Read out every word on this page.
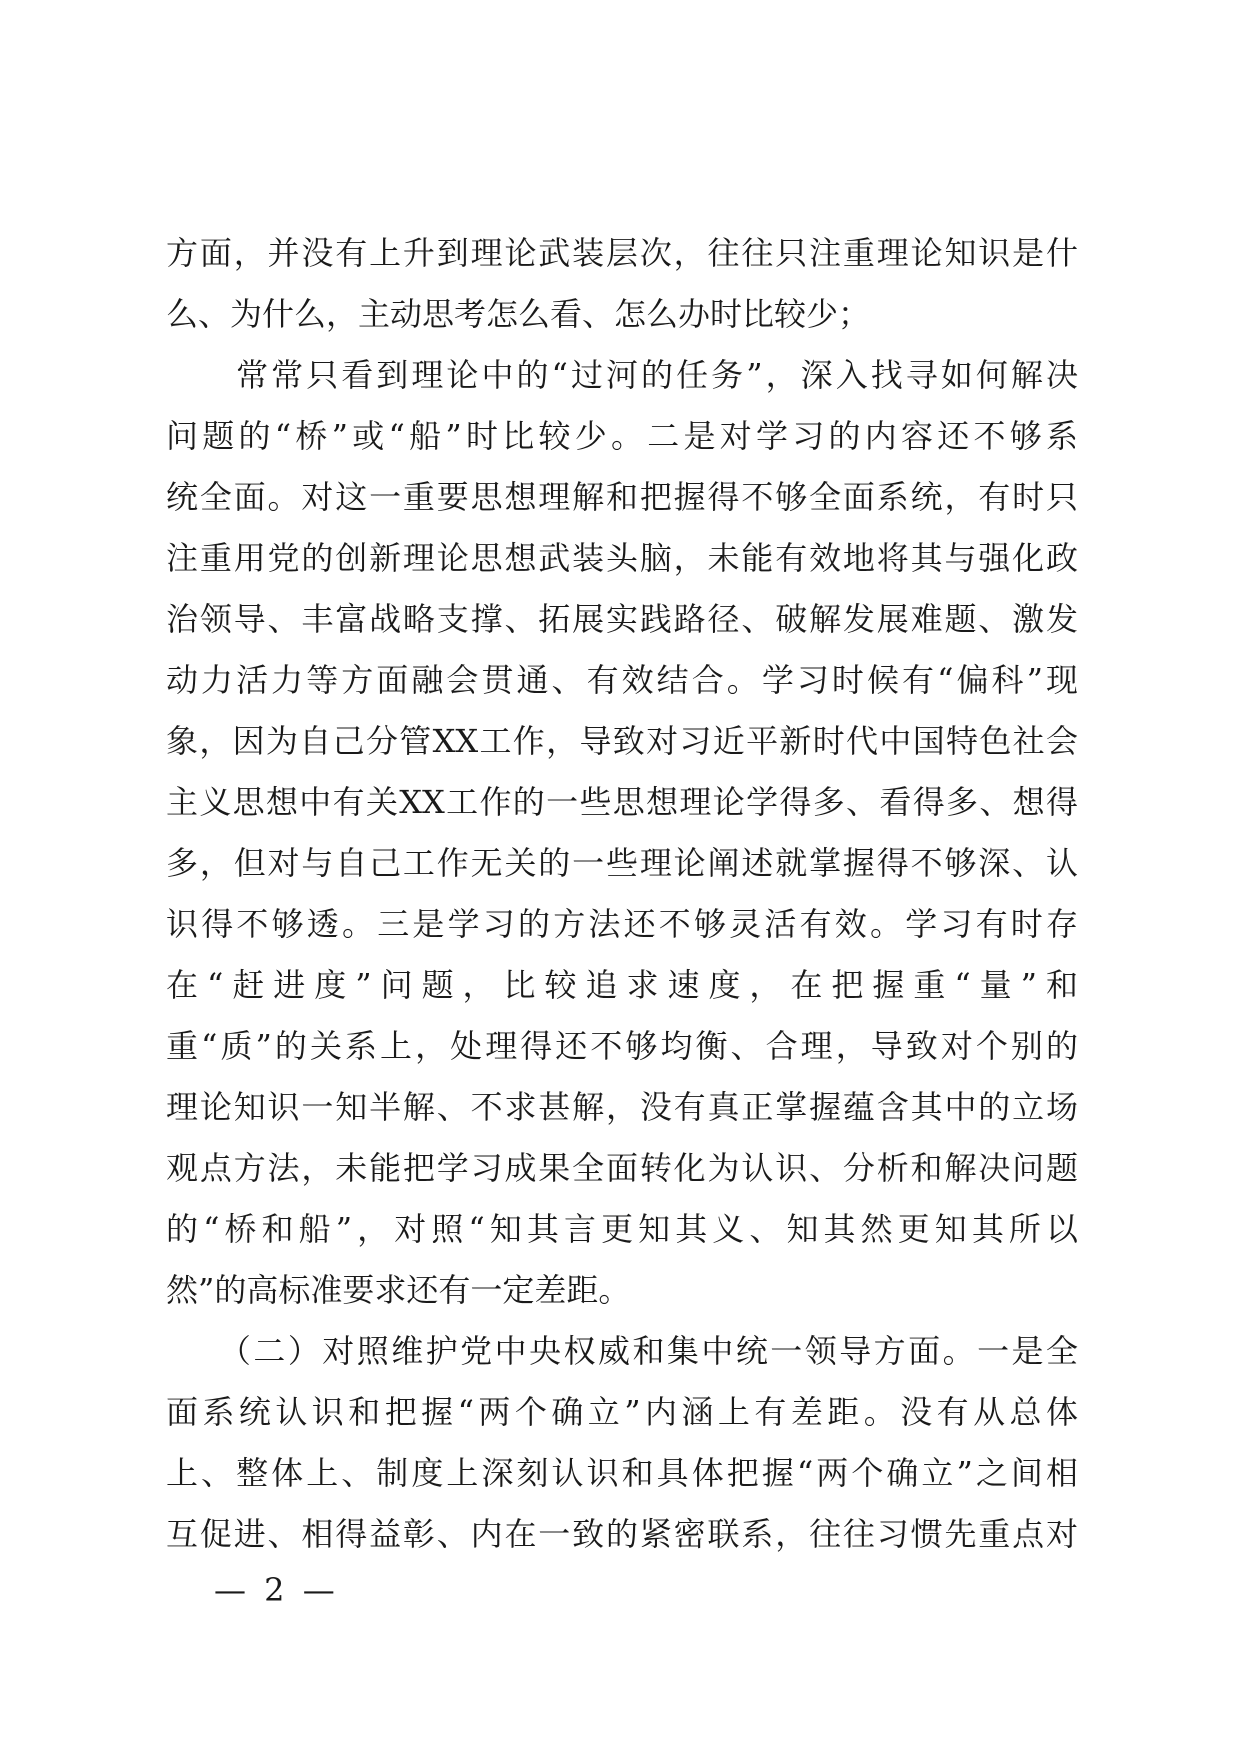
方面，并没有上升到理论武装层次，往往只注重理论知识是什
么、为什么，主动思考怎么看、怎么办时比较少；
　　常常只看到理论中的“过河的任务”，深入找寻如何解决
问题的“桥”或“船”时比较少。二是对学习的内容还不够系
统全面。对这一重要思想理解和把握得不够全面系统，有时只
注重用党的创新理论思想武装头脑，未能有效地将其与强化政
治领导、丰富战略支撑、拓展实践路径、破解发展难题、激发
动力活力等方面融会贯通、有效结合。学习时候有“偏科”现
象，因为自己分管XX工作，导致对习近平新时代中国特色社会
主义思想中有关XX工作的一些思想理论学得多、看得多、想得
多，但对与自己工作无关的一些理论阐述就掌握得不够深、认
识得不够透。三是学习的方法还不够灵活有效。学习有时存
在“赶进度”问题，比较追求速度，在把握重“量”和
重“质”的关系上，处理得还不够均衡、合理，导致对个别的
理论知识一知半解、不求甚解，没有真正掌握蕴含其中的立场
观点方法，未能把学习成果全面转化为认识、分析和解决问题
的“桥和船”，对照“知其言更知其义、知其然更知其所以
然”的高标准要求还有一定差距。
　　（二）对照维护党中央权威和集中统一领导方面。一是全
面系统认识和把握“两个确立”内涵上有差距。没有从总体
上、整体上、制度上深刻认识和具体把握“两个确立”之间相
互促进、相得益彰、内在一致的紧密联系，往往习惯先重点对
— 2 —
